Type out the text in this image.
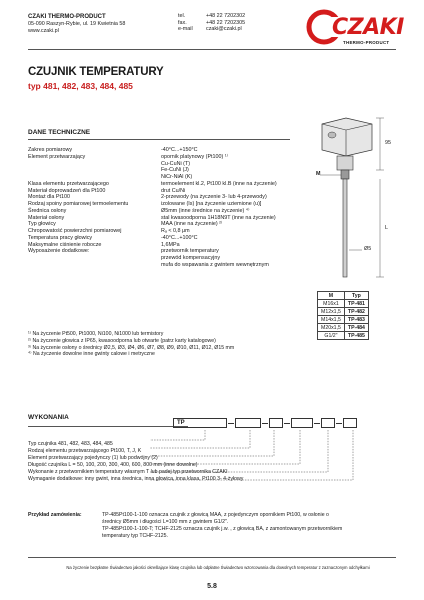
CZAKI THERMO-PRODUCT
05-090 Raszyn-Rybie, ul. 19 Kwietnia 58
www.czaki.pl
tel.	+48 22 7202302
fax.	+48 22 7202305
e-mail	czaki@czaki.pl	CZAKI
THERMO-PRODUCT
CZUJNIK TEMPERATURY
typ 481, 482, 483, 484, 485
DANE TECHNICZNE
Zakres pomiarowy	-40°C...+150°C
Element przetwarzający	opornik platynowy (Pt100) ¹⁾
Cu-CuNi (T)
Fe-CuNi (J)
NiCr-NiAl (K)
Klasa elementu przetwarzającego	termoelement kl.2, Pt100 kl.B (inne na życzenie)
Materiał doprowadzeń dla Pt100	drut Cu/Ni
Montaż dla Pt100	2-przewody (na życzenie 3- lub 4-przewody)
Rodzaj spoiny pomiarowej termoelementu	izolowane (Is) [na życzenie uziemione (u)]
Średnica osłony	Ø5mm (inne średnice na życzenie) ⁴⁾
Materiał osłony	stal kwasoodporna 1H18N9T (inne na życzenie)
Typ głowicy	MAA (inne na życzenie) ²⁾
Chropowatość powierzchni pomiarowej	Rₐ < 0,8 μm
Temperatura pracy głowicy	-40°C...+100°C
Maksymalne ciśnienie robocze	1,6MPa
Wyposażenie dodatkowe:	przetwornik temperatury
przewód kompensacyjny
mufa do wspawania z gwintem wewnętrznym
M
95
L
Ø5
M	Typ
M16x1	TP-481
M12x1,5	TP-482
M14x1,5	TP-483
M20x1,5	TP-484
G1/2"	TP-485
¹⁾ Na życzenie Pt500, Pt1000, Ni100, Ni1000 lub termistory
²⁾ Na życzenie głowica z IP65, kwasoodporna lub otwarte (patrz karty katalogowe)
³⁾ Na życzenie osłony o średnicy Ø2,5, Ø3, Ø4, Ø6, Ø7, Ø8, Ø9, Ø10, Ø11, Ø12, Ø15 mm
⁴⁾ Na życzenie dowolne inne gwinty calowe i metryczne
WYKONANIA
TP
Typ czujnika 481, 482, 483, 484, 485
Rodzaj elementu przetwarzającego Pt100, T, J, K
Element przetwarzający pojedynczy (1) lub podwójny (2)
Długość czujnika L = 50, 100, 200, 300, 400, 600, 800 mm (inne dowolne)
Wykonanie z przetwornikiem temperatury własnym T lub padej typ przetwornika CZAKI
Wymaganie dodatkowe: inny gwint, inna średnica, inna głowica, inna klasa, Pt100 3- 4-żyłowy
Przykład zamówienia:	TP-485Pt100-1-100 oznacza czujnik z głowicą MAA, z pojedynczym opornikiem Pt100, w osłonie o
średnicy Ø5mm i długości L=100 mm z gwintem G1/2".
TP-485Pt100-1-100-T; TCHF-2125 oznacza czujnik j.w. , z głowicą BA, z zamontowanym przetwornikiem
temperatury typ TCHF-2125.
Na życzenie bezpłatne Świadectwo jakości określające klasę czujnika lub odpłatne Świadectwo wzorcowania dla dowolnych temperatur z zaznaczonym odchyłkami
5.8
